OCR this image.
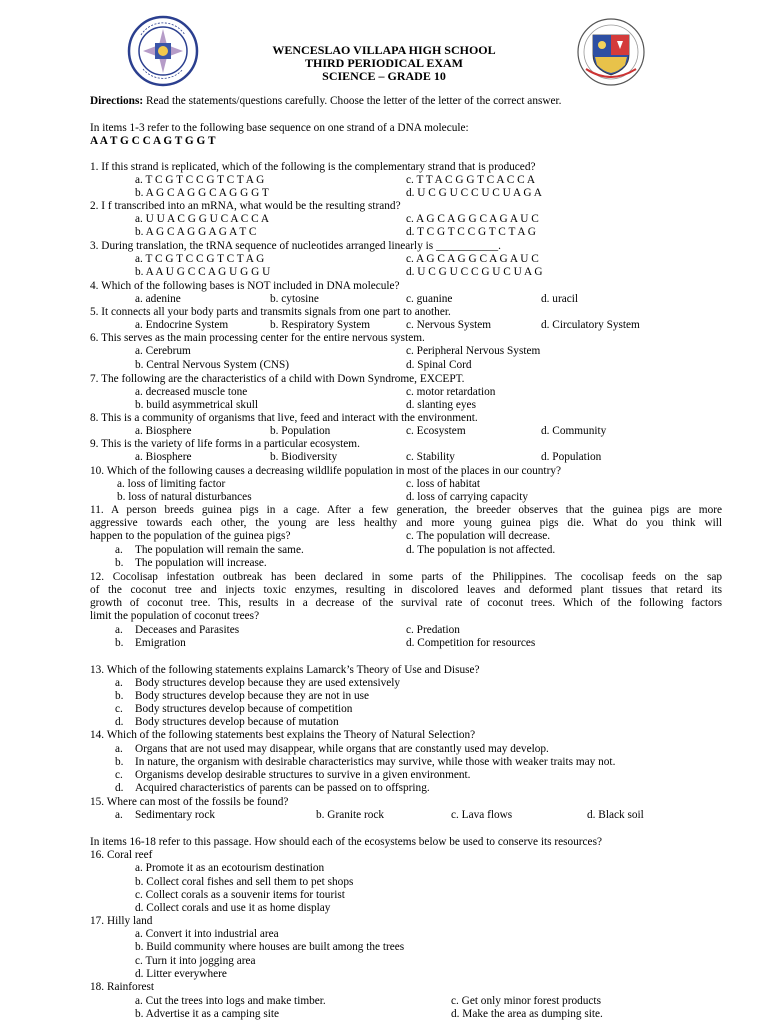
WENCESLAO VILLAPA HIGH SCHOOL
THIRD PERIODICAL EXAM
SCIENCE – GRADE 10
Directions: Read the statements/questions carefully. Choose the letter of the letter of the correct answer.
In items 1-3 refer to the following base sequence on one strand of a DNA molecule:
A A T G C C A G T G G T
1. If this strand is replicated, which of the following is the complementary strand that is produced?
a. T C G T C C G T C T A G	c. T T A C G G T C A C C A
b. A G C A G G C A G G G T	d. U C G U C C U C U A G A
2. I f transcribed into an mRNA, what would be the resulting strand?
a. U U A C G G U C A C C A	c. A G C A G G C A G A U C
b. A G C A G G A G A T C	d. T C G T C C G T C T A G
3. During translation, the tRNA sequence of nucleotides arranged linearly is ___________.
a. T C G T C C G T C T A G	c. A G C A G G C A G A U C
b. A A U G C C A G U G G U	d. U C G U C C G U C U A G
4. Which of the following bases is NOT included in DNA molecule?
a. adenine	b. cytosine	c. guanine	d. uracil
5. It connects all your body parts and transmits signals from one part to another.
a. Endocrine System	b. Respiratory System	c. Nervous System	d. Circulatory System
6. This serves as the main processing center for the entire nervous system.
a. Cerebrum	c. Peripheral Nervous System
b. Central Nervous System (CNS)	d. Spinal Cord
7. The following are the characteristics of a child with Down Syndrome, EXCEPT.
a. decreased muscle tone	c. motor retardation
b. build asymmetrical skull	d. slanting eyes
8. This is a community of organisms that live, feed and interact with the environment.
a. Biosphere	b. Population	c. Ecosystem	d. Community
9. This is the variety of life forms in a particular ecosystem.
a. Biosphere	b. Biodiversity	c. Stability	d. Population
10. Which of the following causes a decreasing wildlife population in most of the places in our country?
a. loss of limiting factor	c. loss of habitat
b. loss of natural disturbances	d. loss of carrying capacity
11. A person breeds guinea pigs in a cage. After a few generation, the breeder observes that the guinea pigs are more
aggressive towards each other, the young are less healthy and more young guinea pigs die. What do you think will
happen to the population of the guinea pigs?	c. The population will decrease.
a. The population will remain the same.	d. The population is not affected.
b. The population will increase.
12. Cocolisap infestation outbreak has been declared in some parts of the Philippines. The cocolisap feeds on the sap
of the coconut tree and injects toxic enzymes, resulting in discolored leaves and deformed plant tissues that retard its
growth of coconut tree. This, results in a decrease of the survival rate of coconut trees. Which of the following factors
limit the population of coconut trees?
a. Deceases and Parasites	c. Predation
b. Emigration	d. Competition for resources
13. Which of the following statements explains Lamarck’s Theory of Use and Disuse?
a. Body structures develop because they are used extensively
b. Body structures develop because they are not in use
c. Body structures develop because of competition
d. Body structures develop because of mutation
14. Which of the following statements best explains the Theory of Natural Selection?
a. Organs that are not used may disappear, while organs that are constantly used may develop.
b. In nature, the organism with desirable characteristics may survive, while those with weaker traits may not.
c. Organisms develop desirable structures to survive in a given environment.
d. Acquired characteristics of parents can be passed on to offspring.
15. Where can most of the fossils be found?
a. Sedimentary rock	b. Granite rock	c. Lava flows	d. Black soil
In items 16-18 refer to this passage. How should each of the ecosystems below be used to conserve its resources?
16. Coral reef
a. Promote it as an ecotourism destination
b. Collect coral fishes and sell them to pet shops
c. Collect corals as a souvenir items for tourist
d. Collect corals and use it as home display
17. Hilly land
a. Convert it into industrial area
b. Build community where houses are built among the trees
c. Turn it into jogging area
d. Litter everywhere
18. Rainforest
a. Cut the trees into logs and make timber.	c. Get only minor forest products
b. Advertise it as a camping site	d. Make the area as dumping site.
